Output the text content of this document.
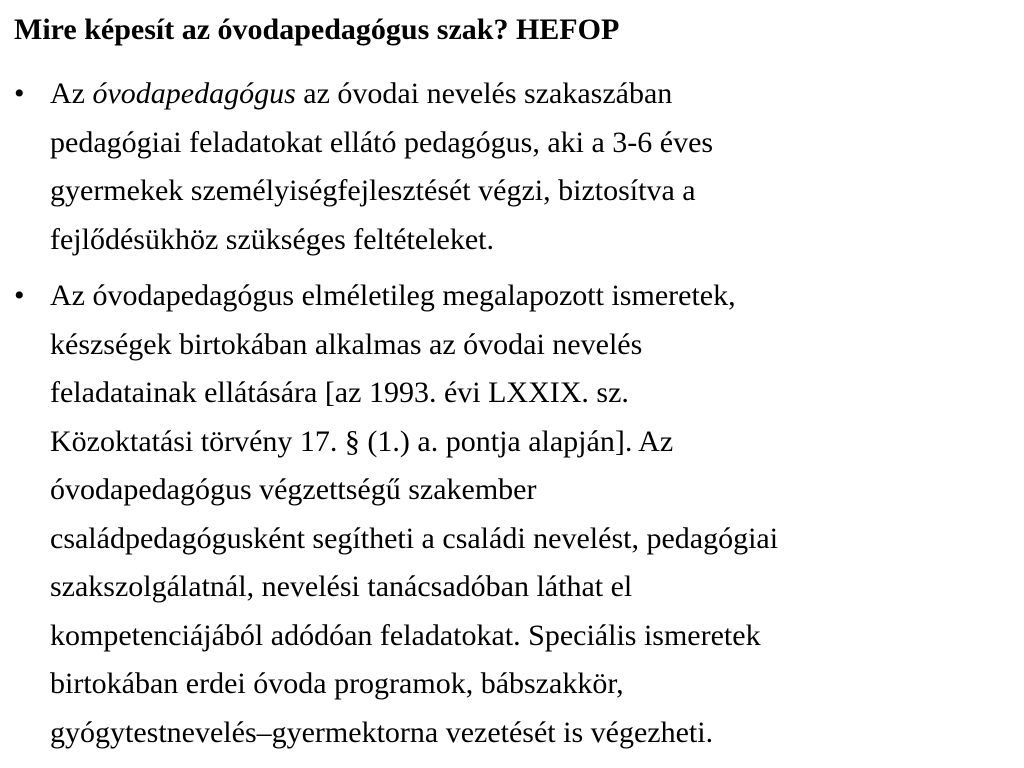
Mire képesít az óvodapedagógus szak? HEFOP
• Az óvodapedagógus az óvodai nevelés szakaszában
pedagógiai feladatokat ellátó pedagógus, aki a 3-6 éves
gyermekek személyiségfejlesztését végzi, biztosítva a
fejlődésükhöz szükséges feltételeket.
• Az óvodapedagógus elméletileg megalapozott ismeretek,
készségek birtokában alkalmas az óvodai nevelés
feladatainak ellátására [az 1993. évi LXXIX. sz.
Közoktatási törvény 17. § (1.) a. pontja alapján]. Az
óvodapedagógus végzettségű szakember
családpedagógusként segítheti a családi nevelést, pedagógiai
szakszolgálatnál, nevelési tanácsadóban láthat el
kompetenciájából adódóan feladatokat. Speciális ismeretek
birtokában erdei óvoda programok, bábszakkör,
gyógytestnevelés–gyermektorna vezetését is végezheti.
